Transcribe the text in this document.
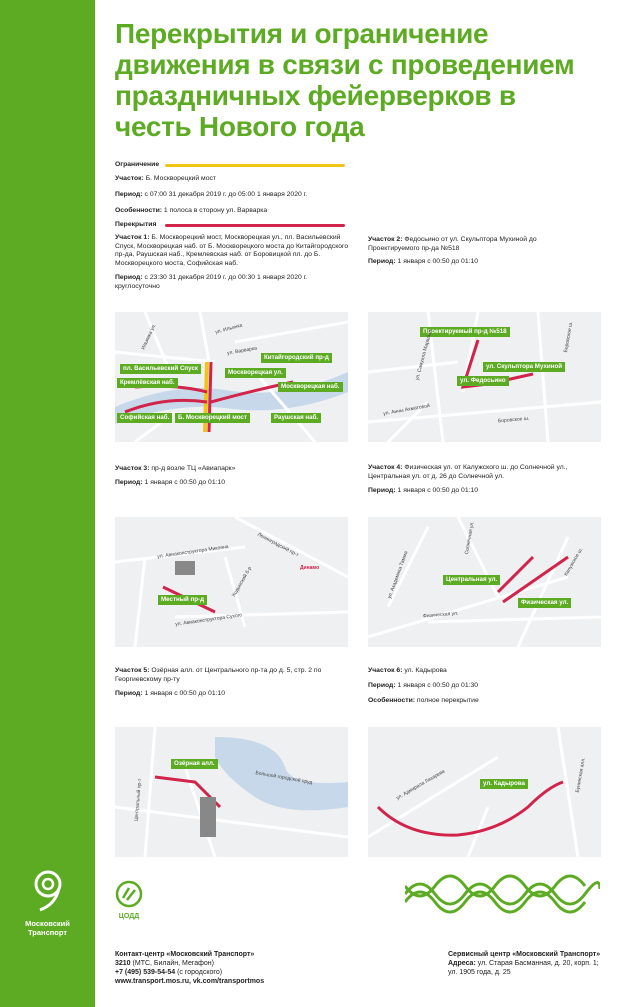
Московский
Транспорт
Перекрытия и ограничение движения в связи с проведением праздничных фейерверков в честь Нового года
Ограничение
Участок: Б. Москворецкий мост
Период: с 07:00 31 декабря 2019 г. до 05:00 1 января 2020 г.
Особенности: 1 полоса в сторону ул. Варварка
Перекрытия
Участок 1: Б. Москворецкий мост, Москворецкая ул., пл. Васильевский Спуск, Москворецкая наб. от Б. Москворецкого моста до Китайгородского пр-да, Раушская наб., Кремлевская наб. от Боровицкой пл. до Б. Москворецкого моста, Софийская наб.
Период: с 23:30 31 декабря 2019 г. до 00:30 1 января 2020 г. круглосуточно
Участок 2: Федосьино от ул. Скульптора Мухиной до Проектируемого пр-да №518
Период: 1 января с 00:50 до 01:10
Участок 3: пр-д возле ТЦ «Авиапарк»
Период: 1 января с 00:50 до 01:10
Участок 4: Физическая ул. от Калужского ш. до Солнечной ул., Центральная ул. от д. 26 до Солнечной ул.
Период: 1 января с 00:50 до 01:10
Участок 5: Озёрная алл. от Центрального пр-та до д. 5, стр. 2 по Георгиевскому пр-ту
Период: 1 января с 00:50 до 01:10
Участок 6: ул. Кадырова
Период: 1 января с 00:50 до 01:30
Особенности: полное перекрытие
пл. Васильевский Спуск
Китайгородский пр-д
Кремлёвская наб.
Москворецкая ул.
Москворецкая наб.
Софийская наб.	Б. Москворецкий мост	Раушская наб.
Ильинка ул.	ул. Ильинка
ул. Варварка
Проектируемый пр-д №518
ул. Скульптора Мухиной
ул. Федосьино
ул. Самуила Маршака	Боровское ш.
ул. Анны Ахматовой
Боровское ш.
Местный пр-д
Ленинградский пр-т
ул. Авиаконструктора Микояна
ул. Авиаконструктора Сухого
Ходынский б-р	Динамо
Центральная ул.
Физическая ул.
Солнечная ул.
Калужское ш.
ул. Академика Тамма
Физическая ул.
Озёрная алл.
Центральный пр-т
Большой городской пруд	ул. Кадырова
ул. Адмирала Лазарева	Бунинская алл.
ЦОДД
Контакт-центр «Московский Транспорт»
3210 (МТС, Билайн, Мегафон)
+7 (495) 539-54-54 (с городского)
www.transport.mos.ru, vk.com/transportmos
Сервисный центр «Московский Транспорт»
Адреса: ул. Старая Басманная, д. 20, корп. 1;
ул. 1905 года, д. 25
